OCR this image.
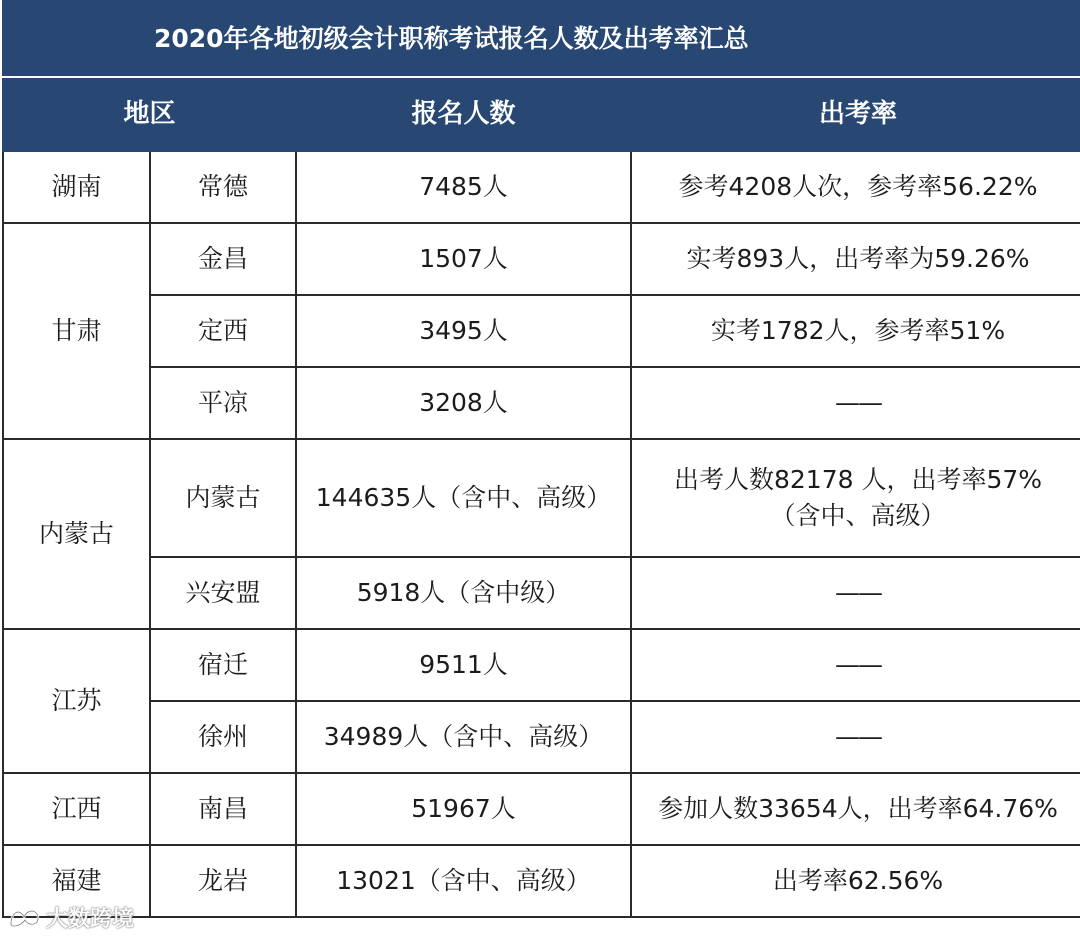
2020年各地初级会计职称考试报名人数及出考率汇总			
地区		报名人数	出考率
湖南	常德	7485人	参考4208人次，参考率56.22%
甘肃	金昌	1507人	实考893人，出考率为59.26%
	定西	3495人	实考1782人，参考率51%
	平凉	3208人	——
内蒙古	内蒙古	144635人（含中、高级）	出考人数82178 人，出考率57%
（含中、高级）

	兴安盟	5918人（含中级）	——
江苏	宿迁	9511人	——
	徐州	34989人（含中、高级）	——
江西	南昌	51967人	参加人数33654人，出考率64.76%
福建	龙岩	13021（含中、高级）	出考率62.56%
大数跨境
